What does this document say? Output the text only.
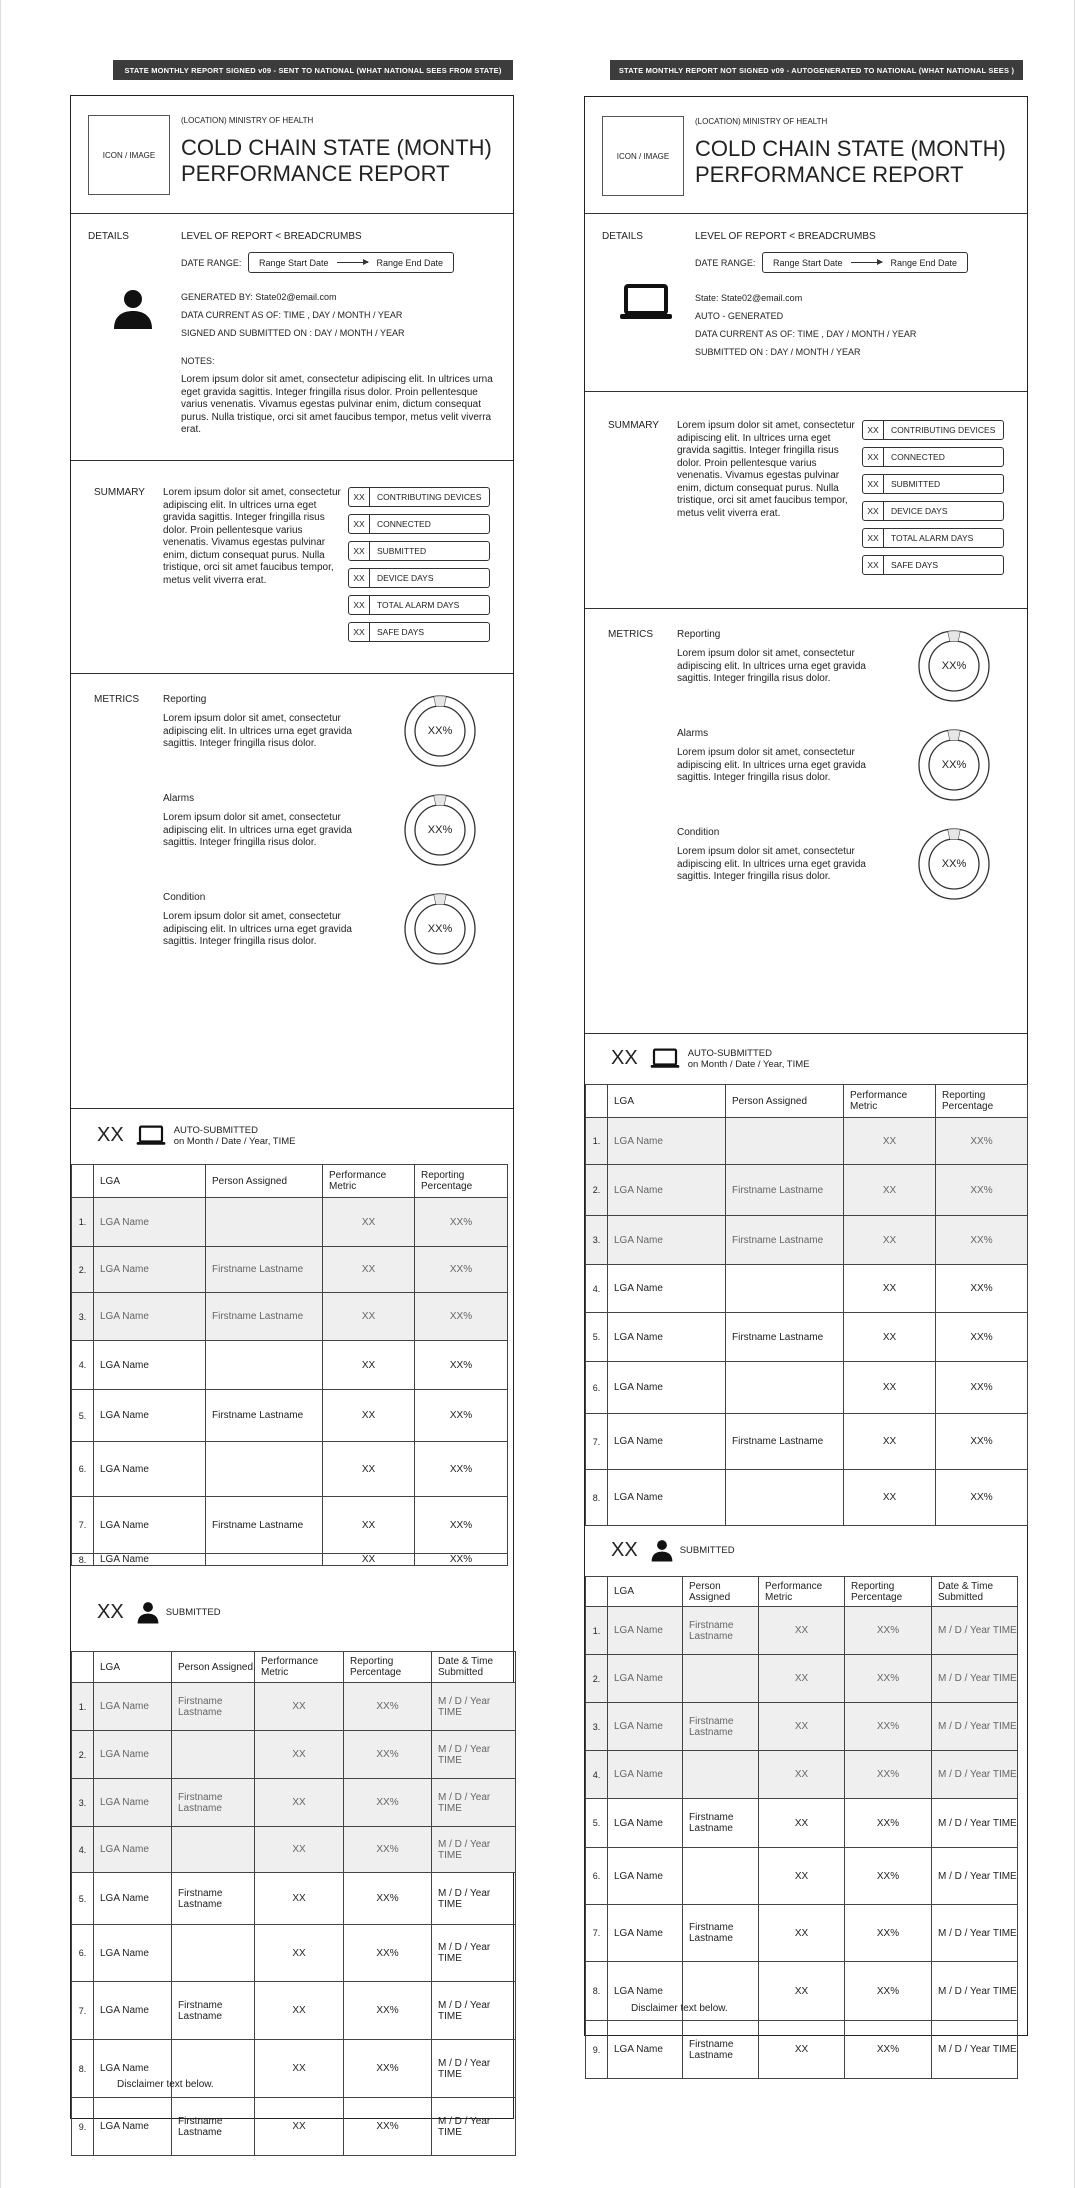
STATE MONTHLY REPORT SIGNED v09 - SENT TO NATIONAL (WHAT NATIONAL SEES FROM STATE)
ICON / IMAGE
(LOCATION) MINISTRY OF HEALTH
COLD CHAIN STATE (MONTH)
PERFORMANCE REPORT
DETAILS	LEVEL OF REPORT < BREADCRUMBS
DATE RANGE: Range Start Date	Range End Date
GENERATED BY: State02@email.com
DATA CURRENT AS OF: TIME , DAY / MONTH / YEAR
SIGNED AND SUBMITTED ON : DAY / MONTH / YEAR
NOTES:
Lorem ipsum dolor sit amet, consectetur adipiscing elit. In ultrices urna eget gravida sagittis. Integer fringilla risus dolor. Proin pellentesque varius venenatis. Vivamus egestas pulvinar enim, dictum consequat purus. Nulla tristique, orci sit amet faucibus tempor, metus velit viverra erat.
SUMMARY Lorem ipsum dolor sit amet, consectetur adipiscing elit. In ultrices urna eget gravida sagittis. Integer fringilla risus dolor. Proin pellentesque varius venenatis. Vivamus egestas pulvinar enim, dictum consequat purus. Nulla tristique, orci sit amet faucibus tempor, metus velit viverra erat.
XX	CONTRIBUTING DEVICES
XX	CONNECTED
XX	SUBMITTED
XX	DEVICE DAYS
XX	TOTAL ALARM DAYS
XX	SAFE DAYS
METRICS Reporting
Lorem ipsum dolor sit amet, consectetur adipiscing elit. In ultrices urna eget gravida sagittis. Integer fringilla risus dolor.
XX%
Alarms
Lorem ipsum dolor sit amet, consectetur adipiscing elit. In ultrices urna eget gravida sagittis. Integer fringilla risus dolor.
XX%
Condition
Lorem ipsum dolor sit amet, consectetur adipiscing elit. In ultrices urna eget gravida sagittis. Integer fringilla risus dolor.
XX%
XX	AUTO-SUBMITTED
on Month / Date / Year, TIME
	LGA	Person Assigned	Performance Metric	Reporting Percentage
1.	LGA Name		XX	XX%
2.	LGA Name	Firstname Lastname	XX	XX%
3.	LGA Name	Firstname Lastname	XX	XX%
4.	LGA Name		XX	XX%
5.	LGA Name	Firstname Lastname	XX	XX%
6.	LGA Name		XX	XX%
7.	LGA Name	Firstname Lastname	XX	XX%
8.	LGA Name		XX	XX%
XX	SUBMITTED
	LGA	Person Assigned	Performance Metric	Reporting Percentage	Date & Time Submitted
1.	LGA Name	Firstname Lastname	XX	XX%	M / D / Year TIME
2.	LGA Name		XX	XX%	M / D / Year TIME
3.	LGA Name	Firstname Lastname	XX	XX%	M / D / Year TIME
4.	LGA Name		XX	XX%	M / D / Year TIME
5.	LGA Name	Firstname Lastname	XX	XX%	M / D / Year TIME
6.	LGA Name		XX	XX%	M / D / Year TIME
7.	LGA Name	Firstname Lastname	XX	XX%	M / D / Year TIME
8.	LGA Name		XX	XX%	M / D / Year TIME
9.	LGA Name	Firstname Lastname	XX	XX%	M / D / Year TIME
Disclaimer text below.
STATE MONTHLY REPORT NOT SIGNED v09 - AUTOGENERATED TO NATIONAL (WHAT NATIONAL SEES )
ICON / IMAGE
(LOCATION) MINISTRY OF HEALTH
COLD CHAIN STATE (MONTH)
PERFORMANCE REPORT
DETAILS	LEVEL OF REPORT < BREADCRUMBS
DATE RANGE: Range Start Date	Range End Date
State: State02@email.com
AUTO - GENERATED
DATA CURRENT AS OF: TIME , DAY / MONTH / YEAR
SUBMITTED ON : DAY / MONTH / YEAR
SUMMARY Lorem ipsum dolor sit amet, consectetur adipiscing elit. In ultrices urna eget gravida sagittis. Integer fringilla risus dolor. Proin pellentesque varius venenatis. Vivamus egestas pulvinar enim, dictum consequat purus. Nulla tristique, orci sit amet faucibus tempor, metus velit viverra erat.
XX	CONTRIBUTING DEVICES
XX	CONNECTED
XX	SUBMITTED
XX	DEVICE DAYS
XX	TOTAL ALARM DAYS
XX	SAFE DAYS
METRICS Reporting
Lorem ipsum dolor sit amet, consectetur adipiscing elit. In ultrices urna eget gravida sagittis. Integer fringilla risus dolor.
XX%
Alarms
Lorem ipsum dolor sit amet, consectetur adipiscing elit. In ultrices urna eget gravida sagittis. Integer fringilla risus dolor.
XX%
Condition
Lorem ipsum dolor sit amet, consectetur adipiscing elit. In ultrices urna eget gravida sagittis. Integer fringilla risus dolor.
XX%
XX	AUTO-SUBMITTED
on Month / Date / Year, TIME
	LGA	Person Assigned	Performance Metric	Reporting Percentage
1.	LGA Name		XX	XX%
2.	LGA Name	Firstname Lastname	XX	XX%
3.	LGA Name	Firstname Lastname	XX	XX%
4.	LGA Name		XX	XX%
5.	LGA Name	Firstname Lastname	XX	XX%
6.	LGA Name		XX	XX%
7.	LGA Name	Firstname Lastname	XX	XX%
8.	LGA Name		XX	XX%
XX	SUBMITTED
	LGA	Person Assigned	Performance Metric	Reporting Percentage	Date & Time Submitted
1.	LGA Name	Firstname Lastname	XX	XX%	M / D / Year TIME
2.	LGA Name		XX	XX%	M / D / Year TIME
3.	LGA Name	Firstname Lastname	XX	XX%	M / D / Year TIME
4.	LGA Name		XX	XX%	M / D / Year TIME
5.	LGA Name	Firstname Lastname	XX	XX%	M / D / Year TIME
6.	LGA Name		XX	XX%	M / D / Year TIME
7.	LGA Name	Firstname Lastname	XX	XX%	M / D / Year TIME
8.	LGA Name		XX	XX%	M / D / Year TIME
9.	LGA Name	Firstname Lastname	XX	XX%	M / D / Year TIME
Disclaimer text below.
